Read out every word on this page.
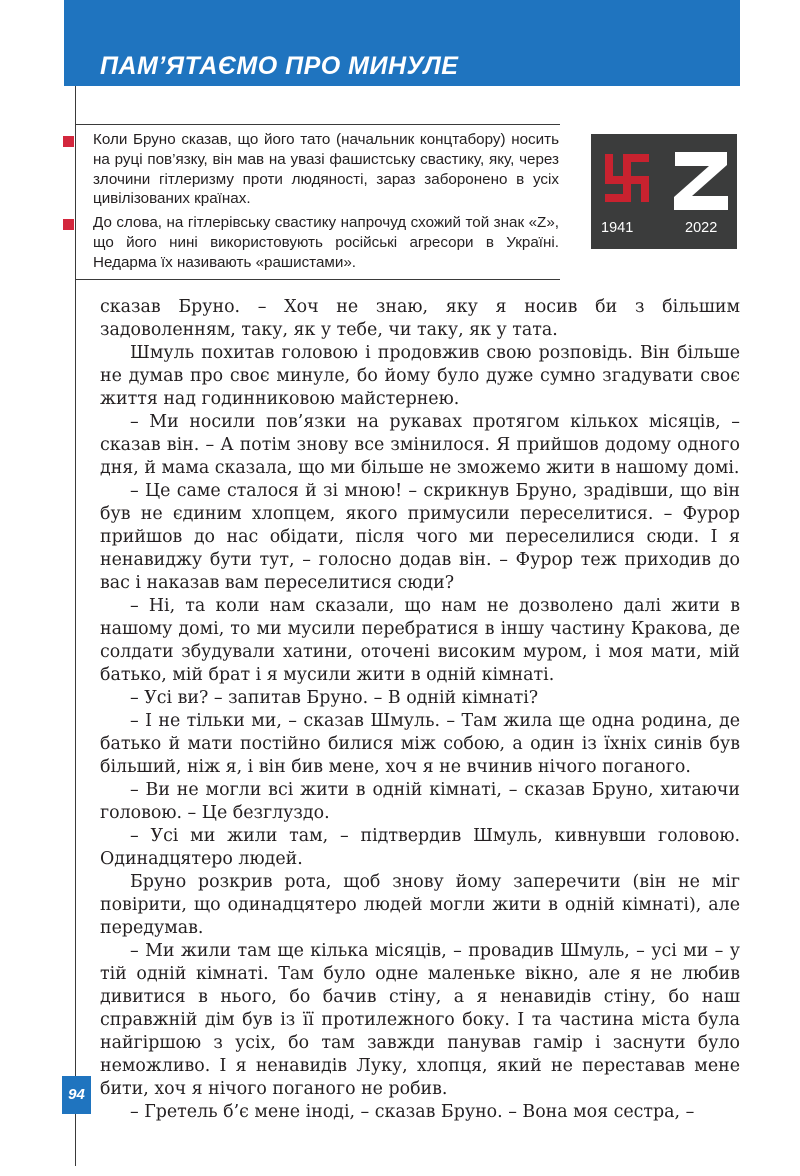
ПАМ’ЯТАЄМО ПРО МИНУЛЕ
Коли Бруно сказав, що його тато (начальник концтабору) носить на руці пов’язку, він мав на увазі фашистську свастику, яку, через злочини гітлеризму проти людяності, зараз заборонено в усіх цивілізованих країнах.
До слова, на гітлерівську свастику напрочуд схожий той знак «Z», що його нині використовують російські агресори в Україні. Недарма їх називають «рашистами».
1941	2022

сказав Бруно. – Хоч не знаю, яку я носив би з більшим задоволенням, таку, як у тебе, чи таку, як у тата.

Шмуль похитав головою і продовжив свою розповідь. Він більше не думав про своє минуле, бо йому було дуже сумно згадувати своє життя над годинниковою майстернею.

– Ми носили пов’язки на рукавах протягом кількох місяців, – сказав він. – А потім знову все змінилося. Я прийшов додому одного дня, й мама сказала, що ми більше не зможемо жити в нашому домі.

– Це саме сталося й зі мною! – скрикнув Бруно, зрадівши, що він був не єдиним хлопцем, якого примусили переселитися. – Фурор прийшов до нас обідати, після чого ми переселилися сюди. І я ненавиджу бути тут, – голосно додав він. – Фурор теж приходив до вас і наказав вам переселитися сюди?

– Ні, та коли нам сказали, що нам не дозволено далі жити в нашому домі, то ми мусили перебратися в іншу частину Кракова, де солдати збудували хатини, оточені високим муром, і моя мати, мій батько, мій брат і я мусили жити в одній кімнаті.

– Усі ви? – запитав Бруно. – В одній кімнаті?

– І не тільки ми, – сказав Шмуль. – Там жила ще одна родина, де батько й мати постійно билися між собою, а один із їхніх синів був більший, ніж я, і він бив мене, хоч я не вчинив нічого поганого.

– Ви не могли всі жити в одній кімнаті, – сказав Бруно, хитаючи головою. – Це безглуздо.

– Усі ми жили там, – підтвердив Шмуль, кивнувши головою. Одинадцятеро людей.

Бруно розкрив рота, щоб знову йому заперечити (він не міг повірити, що одинадцятеро людей могли жити в одній кімнаті), але передумав.

– Ми жили там ще кілька місяців, – провадив Шмуль, – усі ми – у тій одній кімнаті. Там було одне маленьке вікно, але я не любив дивитися в нього, бо бачив стіну, а я ненавидів стіну, бо наш справжній дім був із її протилежного боку. І та частина міста була найгіршою з усіх, бо там завжди панував гамір і заснути було неможливо. І я ненавидів Луку, хлопця, який не переставав мене бити, хоч я нічого поганого не робив.

– Гретель б’є мене іноді, – сказав Бруно. – Вона моя сестра, –

94
